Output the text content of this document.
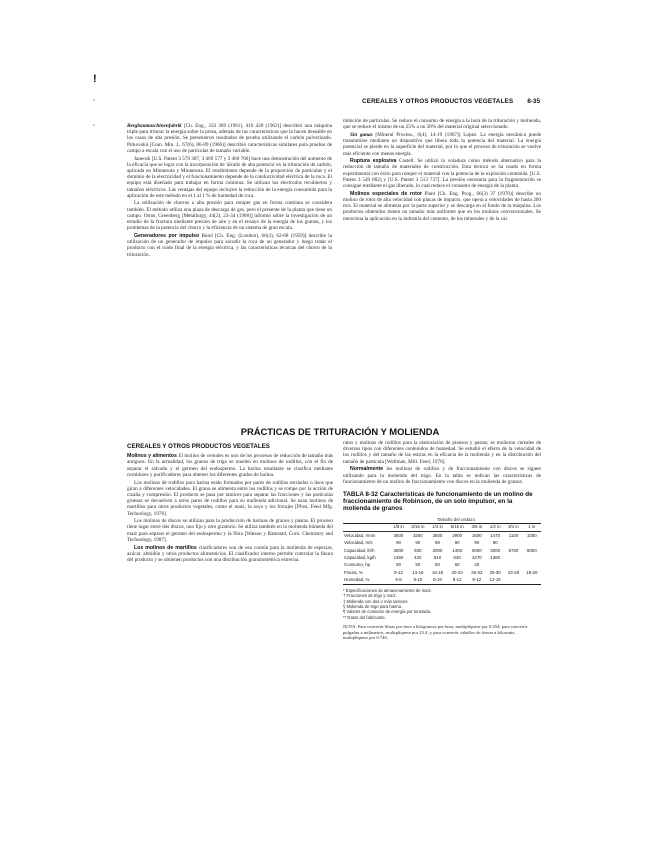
!
·
·
CEREALES Y OTROS PRODUCTOS VEGETALES 8-35

Bergbaumaschinenfabrik [Ch. Eng., 333 369 (1961), 410 420 (1962)] describió una máquina triple para triturar la energía sobre la presa, además de las características que la hacen deseable en los casos de alta presión. Se presentaron resultados de prueba utilizando el carbón pulverizado. Pirkovskii [Coin. Min. J., 67(6), 86-89 (1966)] describió características similares para pruebas de campo a escala con el uso de partículas de tamaño variable.

Janecek [U.S. Patent 3 579 387, 3 469 577 y 3 460 706] hace una demostración del aumento de la eficacia que se logra con la incorporación de 'álcalis de alta potencia' en la trituración de carbón, aplicada en Minnesota y Minnesota. El rendimiento depende de la proporción de partículas y el dominio de la electricidad y el funcionamiento depende de la conductividad eléctrica de la roca. El equipo está diseñado para trabajar en forma continua. Se utilizan los electrodos recubiertos y tamaños eléctricos. Las ventajas del equipo incluyen la reducción de la energía consumida para la aplicación de este método en el 1 al 1 % de humedad de roca.

La utilización de chorros a alta presión para romper gas en forma continua se considera también. El método utiliza una plaza de descarga de gas, pero el presente de la planta que tiene un campo. Otros, Greenberg [Metallurgy, 44(2), 23-34 (1968)] informó sobre la investigación de un estudio de la fractura mediante presión de aire y en el ensayo de la energía de los granos, y los problemas de la potencia del chorro y la eficiencia de un sistema de gran escala.

Generadores por impulso Bond [Ch. Eng. (London), 66(3), 62-68 (1959)] describe la utilización de un generador de impulso para sacudir la roca de un generador y luego tratar el producto con el ruido final de la energía eléctrica, y las características técnicas del chorro de la trituración.

mitución de partículas. Se reduce el consumo de energía a la hora de la trituración y molienda, que se reduce el mismo de un 25% a un 30% del material original seleccionado.

Sin ganas [Mineral Process., 6(4), 14-19 (1967)] Lopez. La energía mecánica puede transmitirse mediante un dispositivo que libera toda la potencia del material. La energía potencial se pierde en la superficie del material, por lo que el proceso de trituración se vuelve más eficiente con menos energía.

Ruptura explosiva Castell. Se utilizó la voladura como método alternativo para la reducción de tamaño de materiales de construcción. Esta técnica se ha usado en forma experimental con éxito para romper el material con la potencia de la explosión contenida. [U.S. Patent 3 549 082] y [U.S. Patent 3 513 737]. La presión necesaria para la fragmentación se consigue mediante el gas liberado, lo cual reduce el consumo de energía de la planta.

Molinos especiales de rotor Plant [Ch. Eng. Prog., 66(3) 37 (1970)] describe un molino de rotor de alta velocidad con placas de impacto, que opera a velocidades de hasta 200 m/s. El material se alimenta por la parte superior y se descarga en el fondo de la máquina. Los productos obtenidos tienen un tamaño más uniforme que en los molinos convencionales. Se menciona la aplicación en la industria del cemento, de los minerales y de la cal.

PRÁCTICAS DE TRITURACIÓN Y MOLIENDA
CEREALES Y OTROS PRODUCTOS VEGETALES

Molinos y alimentos El molino de cereales es uno de los procesos de reducción de tamaño más antiguos. En la actualidad, los granos de trigo se muelen en molinos de rodillos, con el fin de separar el salvado y el germen del endospermo. La harina resultante se clasifica mediante cernidores y purificadores para obtener los diferentes grados de harina.

Los molinos de rodillos para harina están formados por pares de rodillos estriados o lisos que giran a diferentes velocidades. El grano se alimenta entre los rodillos y se rompe por la acción de cizalla y compresión. El producto se pasa por tamices para separar las fracciones y las partículas gruesas se devuelven a otros pares de rodillos para su molienda adicional. Se usan molinos de martillos para otros productos vegetales, como el maíz, la soya y los forrajes [Pfost, Feed Mfg. Technology, 1976].

Los molinos de discos se utilizan para la producción de harinas de granos y pastas. El proceso tiene lugar entre dos discos, uno fijo y otro giratorio. Se utiliza también en la molienda húmeda del maíz para separar el germen del endospermo y la fibra [Watson y Ramstad, Corn: Chemistry and Technology, 1987].

Los molinos de martillos clasificadores son de uso común para la molienda de especias, azúcar, almidón y otros productos alimenticios. El clasificador interno permite controlar la finura del producto y se obtienen productos con una distribución granulométrica estrecha.

ratos y molinos de rodillos para la elaboración de piensos y pastas; se molieron cereales de diversos tipos con diferentes contenidos de humedad. Se estudió el efecto de la velocidad de los rodillos y del tamaño de las estrías en la eficacia de la molienda y en la distribución del tamaño de partícula [Wellman, Mill. Feed, 1976].

Normalmente los molinos de rodillos y de fraccionamiento con discos se siguen utilizando para la molienda del trigo. En la tabla se indican las características de funcionamiento de un molino de fraccionamiento con discos en la molienda de granos.

TABLA 8-32 Características de funcionamiento de un molino de fraccionamiento de Robinson, de un solo impulsor, en la molienda de granos
Tamaño del cedazo
	1/8 in	3/16 in	1/4 in	5/16 in	3/8 in	1/2 in	3/4 in	1 in
Velocidad, r/min	3500	3250	3500	2900	1600	1470	1100	1000
Velocidad, m/s	90	90	90	90	90	90		
Capacidad, lb/h	3000	920	2000	1400	5000	3000	5700	9000
Capacidad, kg/h	1360	420	910	640	2270	1360		
Consumo, hp	60	50	50	60	25			
Finura, %	9-12	14-16	15-18	20-24	25-32	25-30	23-28	18-20
Humedad, %	5-8	9-10	8-10	8-12	9-12	12-15		
* Especificaciones de almacenamiento de maíz.
† Fracciones de trigo y maíz.
‡ Molienda con dos o más tamices.
§ Molienda de trigo para harina.
¶ Valores de consumo de energía por tonelada.
** Datos del fabricante.
NOTA: Para convertir libras por hora a kilogramos por hora, multiplíquese por 0.454; para convertir pulgadas a milímetros, multiplíquese por 25.4; y para convertir caballos de fuerza a kilowatts, multiplíquese por 0.746.
